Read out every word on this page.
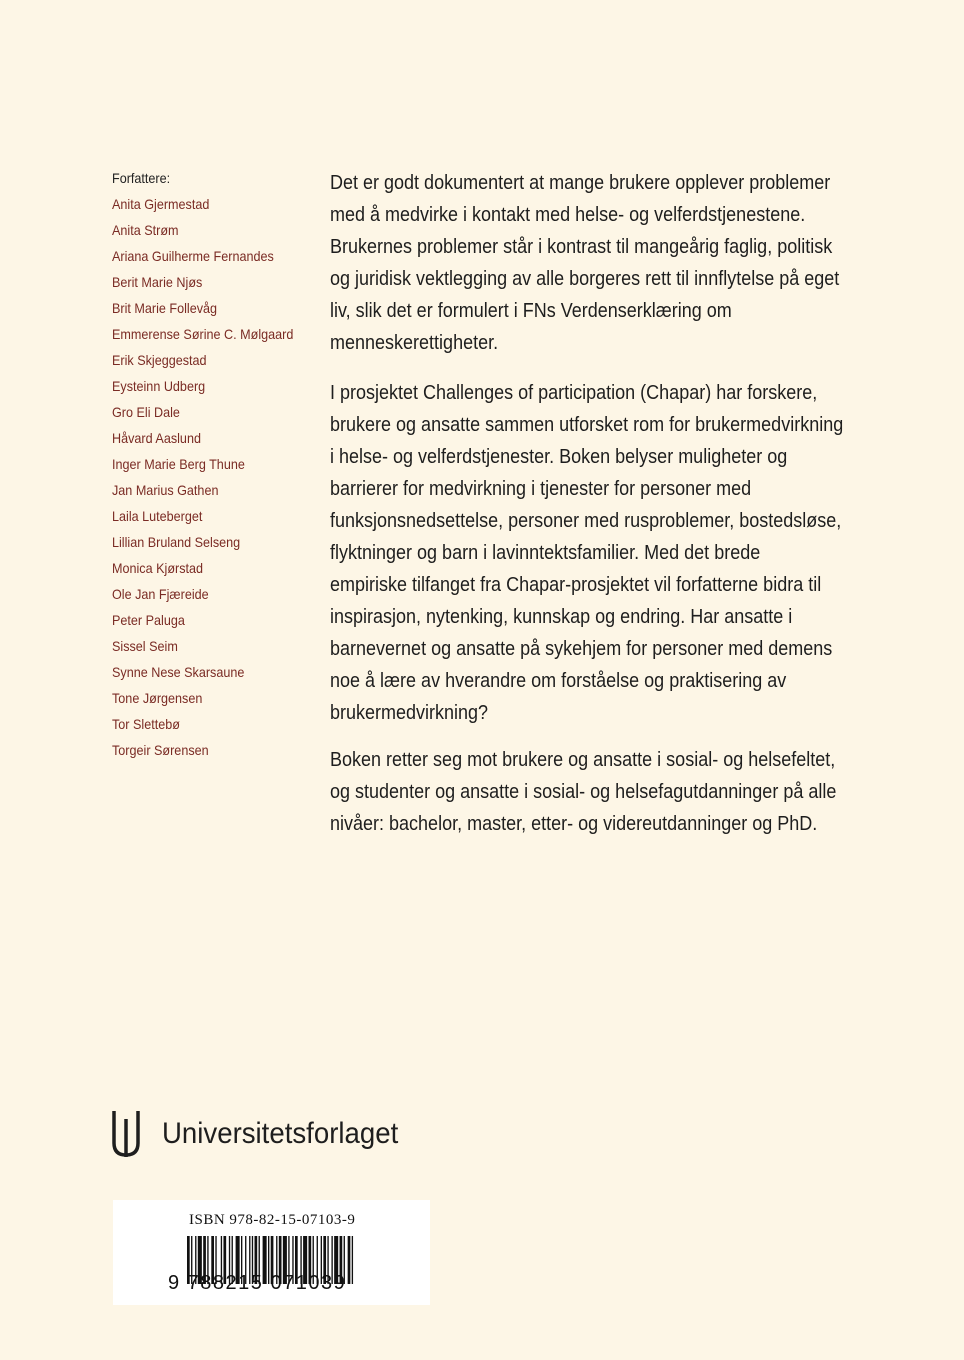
Forfattere:
Anita Gjermestad
Anita Strøm
Ariana Guilherme Fernandes
Berit Marie Njøs
Brit Marie Follevåg
Emmerense Sørine C. Mølgaard
Erik Skjeggestad
Eysteinn Udberg
Gro Eli Dale
Håvard Aaslund
Inger Marie Berg Thune
Jan Marius Gathen
Laila Luteberget
Lillian Bruland Selseng
Monica Kjørstad
Ole Jan Fjæreide
Peter Paluga
Sissel Seim
Synne Nese Skarsaune
Tone Jørgensen
Tor Slettebø
Torgeir Sørensen

Det er godt dokumentert at mange brukere opplever problemer
med å medvirke i kontakt med helse- og velferdstjenestene.
Brukernes problemer står i kontrast til mangeårig faglig, politisk
og juridisk vektlegging av alle borgeres rett til innflytelse på eget
liv, slik det er formulert i FNs Verdenserklæring om
menneskerettigheter.

I prosjektet Challenges of participation (Chapar) har forskere,
brukere og ansatte sammen utforsket rom for brukermedvirkning
i helse- og velferdstjenester. Boken belyser muligheter og
barrierer for medvirkning i tjenester for personer med
funksjonsnedsettelse, personer med rusproblemer, bostedsløse,
flyktninger og barn i lavinntektsfamilier. Med det brede
empiriske tilfanget fra Chapar-prosjektet vil forfatterne bidra til
inspirasjon, nytenking, kunnskap og endring. Har ansatte i
barnevernet og ansatte på sykehjem for personer med demens
noe å lære av hverandre om forståelse og praktisering av
brukermedvirkning?

Boken retter seg mot brukere og ansatte i sosial- og helsefeltet,
og studenter og ansatte i sosial- og helsefagutdanninger på alle
nivåer: bachelor, master, etter- og videreutdanninger og PhD.

Universitetsforlaget
ISBN 978-82-15-07103-9
9 788215 071039
